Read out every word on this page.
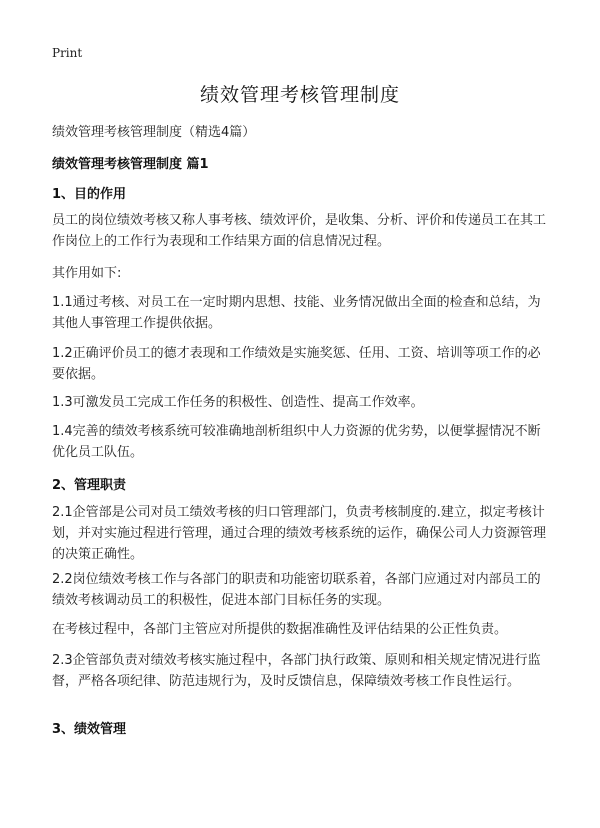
Print
绩效管理考核管理制度
绩效管理考核管理制度（精选4篇）
绩效管理考核管理制度 篇1
1、目的作用
员工的岗位绩效考核又称人事考核、绩效评价，是收集、分析、评价和传递员工在其工作岗位上的工作行为表现和工作结果方面的信息情况过程。
其作用如下:
1.1通过考核、对员工在一定时期内思想、技能、业务情况做出全面的检查和总结，为其他人事管理工作提供依据。
1.2正确评价员工的德才表现和工作绩效是实施奖惩、任用、工资、培训等项工作的必要依据。
1.3可激发员工完成工作任务的积极性、创造性、提高工作效率。
1.4完善的绩效考核系统可较准确地剖析组织中人力资源的优劣势，以便掌握情况不断优化员工队伍。
2、管理职责
2.1企管部是公司对员工绩效考核的归口管理部门，负责考核制度的.建立，拟定考核计划，并对实施过程进行管理，通过合理的绩效考核系统的运作，确保公司人力资源管理的决策正确性。
2.2岗位绩效考核工作与各部门的职责和功能密切联系着，各部门应通过对内部员工的绩效考核调动员工的积极性，促进本部门目标任务的实现。
在考核过程中，各部门主管应对所提供的数据准确性及评估结果的公正性负责。
2.3企管部负责对绩效考核实施过程中，各部门执行政策、原则和相关规定情况进行监督，严格各项纪律、防范违规行为，及时反馈信息，保障绩效考核工作良性运行。
3、绩效管理
